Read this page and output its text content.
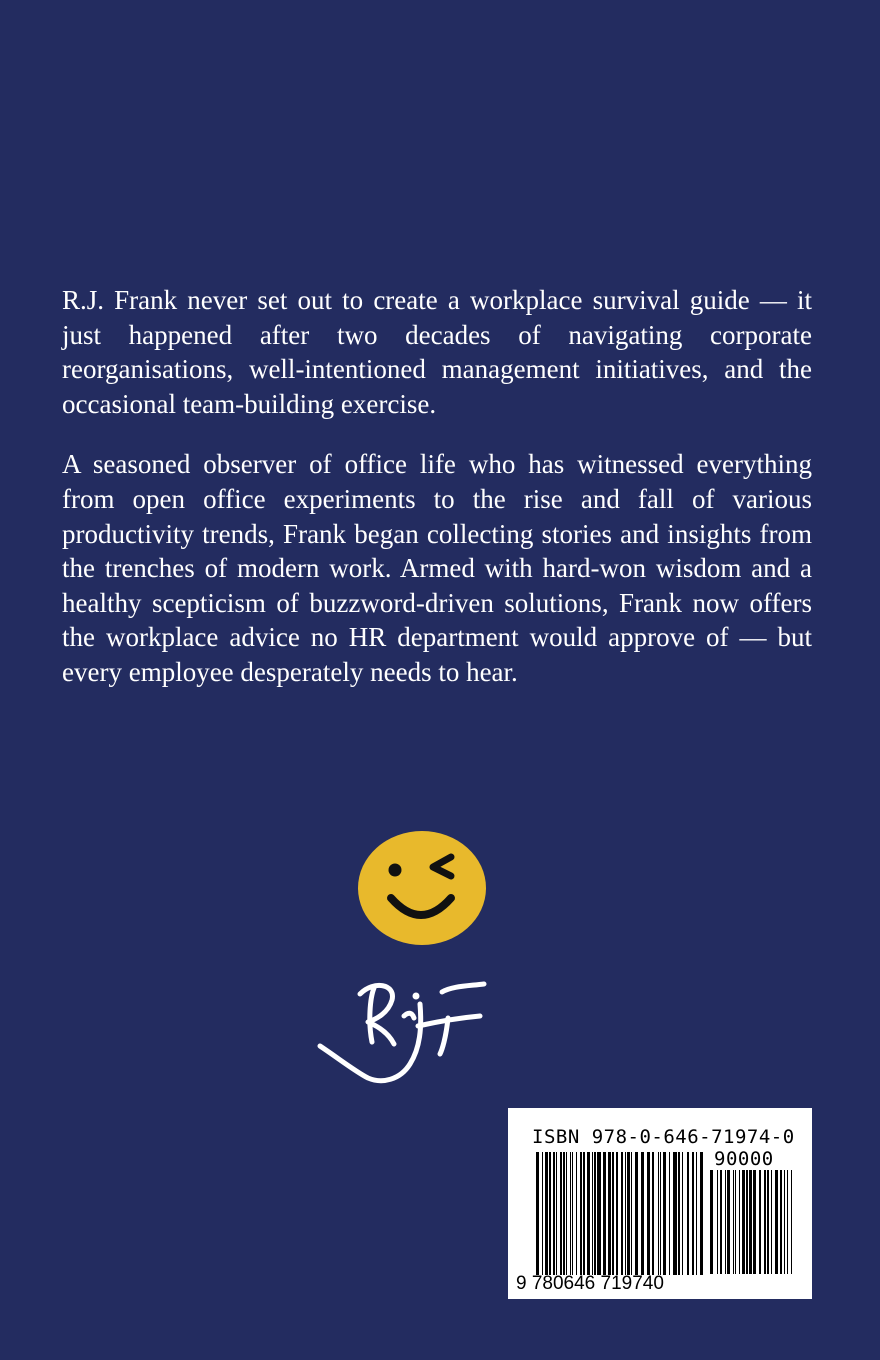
R.J. Frank never set out to create a workplace survival guide — it just happened after two decades of navigating corporate reorganisations, well-intentioned management initiatives, and the occasional team-building exercise.

A seasoned observer of office life who has witnessed everything from open office experiments to the rise and fall of various productivity trends, Frank began collecting stories and insights from the trenches of modern work. Armed with hard-won wisdom and a healthy scepticism of buzzword-driven solutions, Frank now offers the workplace advice no HR department would approve of — but every employee desperately needs to hear.

ISBN 978-0-646-71974-0
90000
9 780646 719740
